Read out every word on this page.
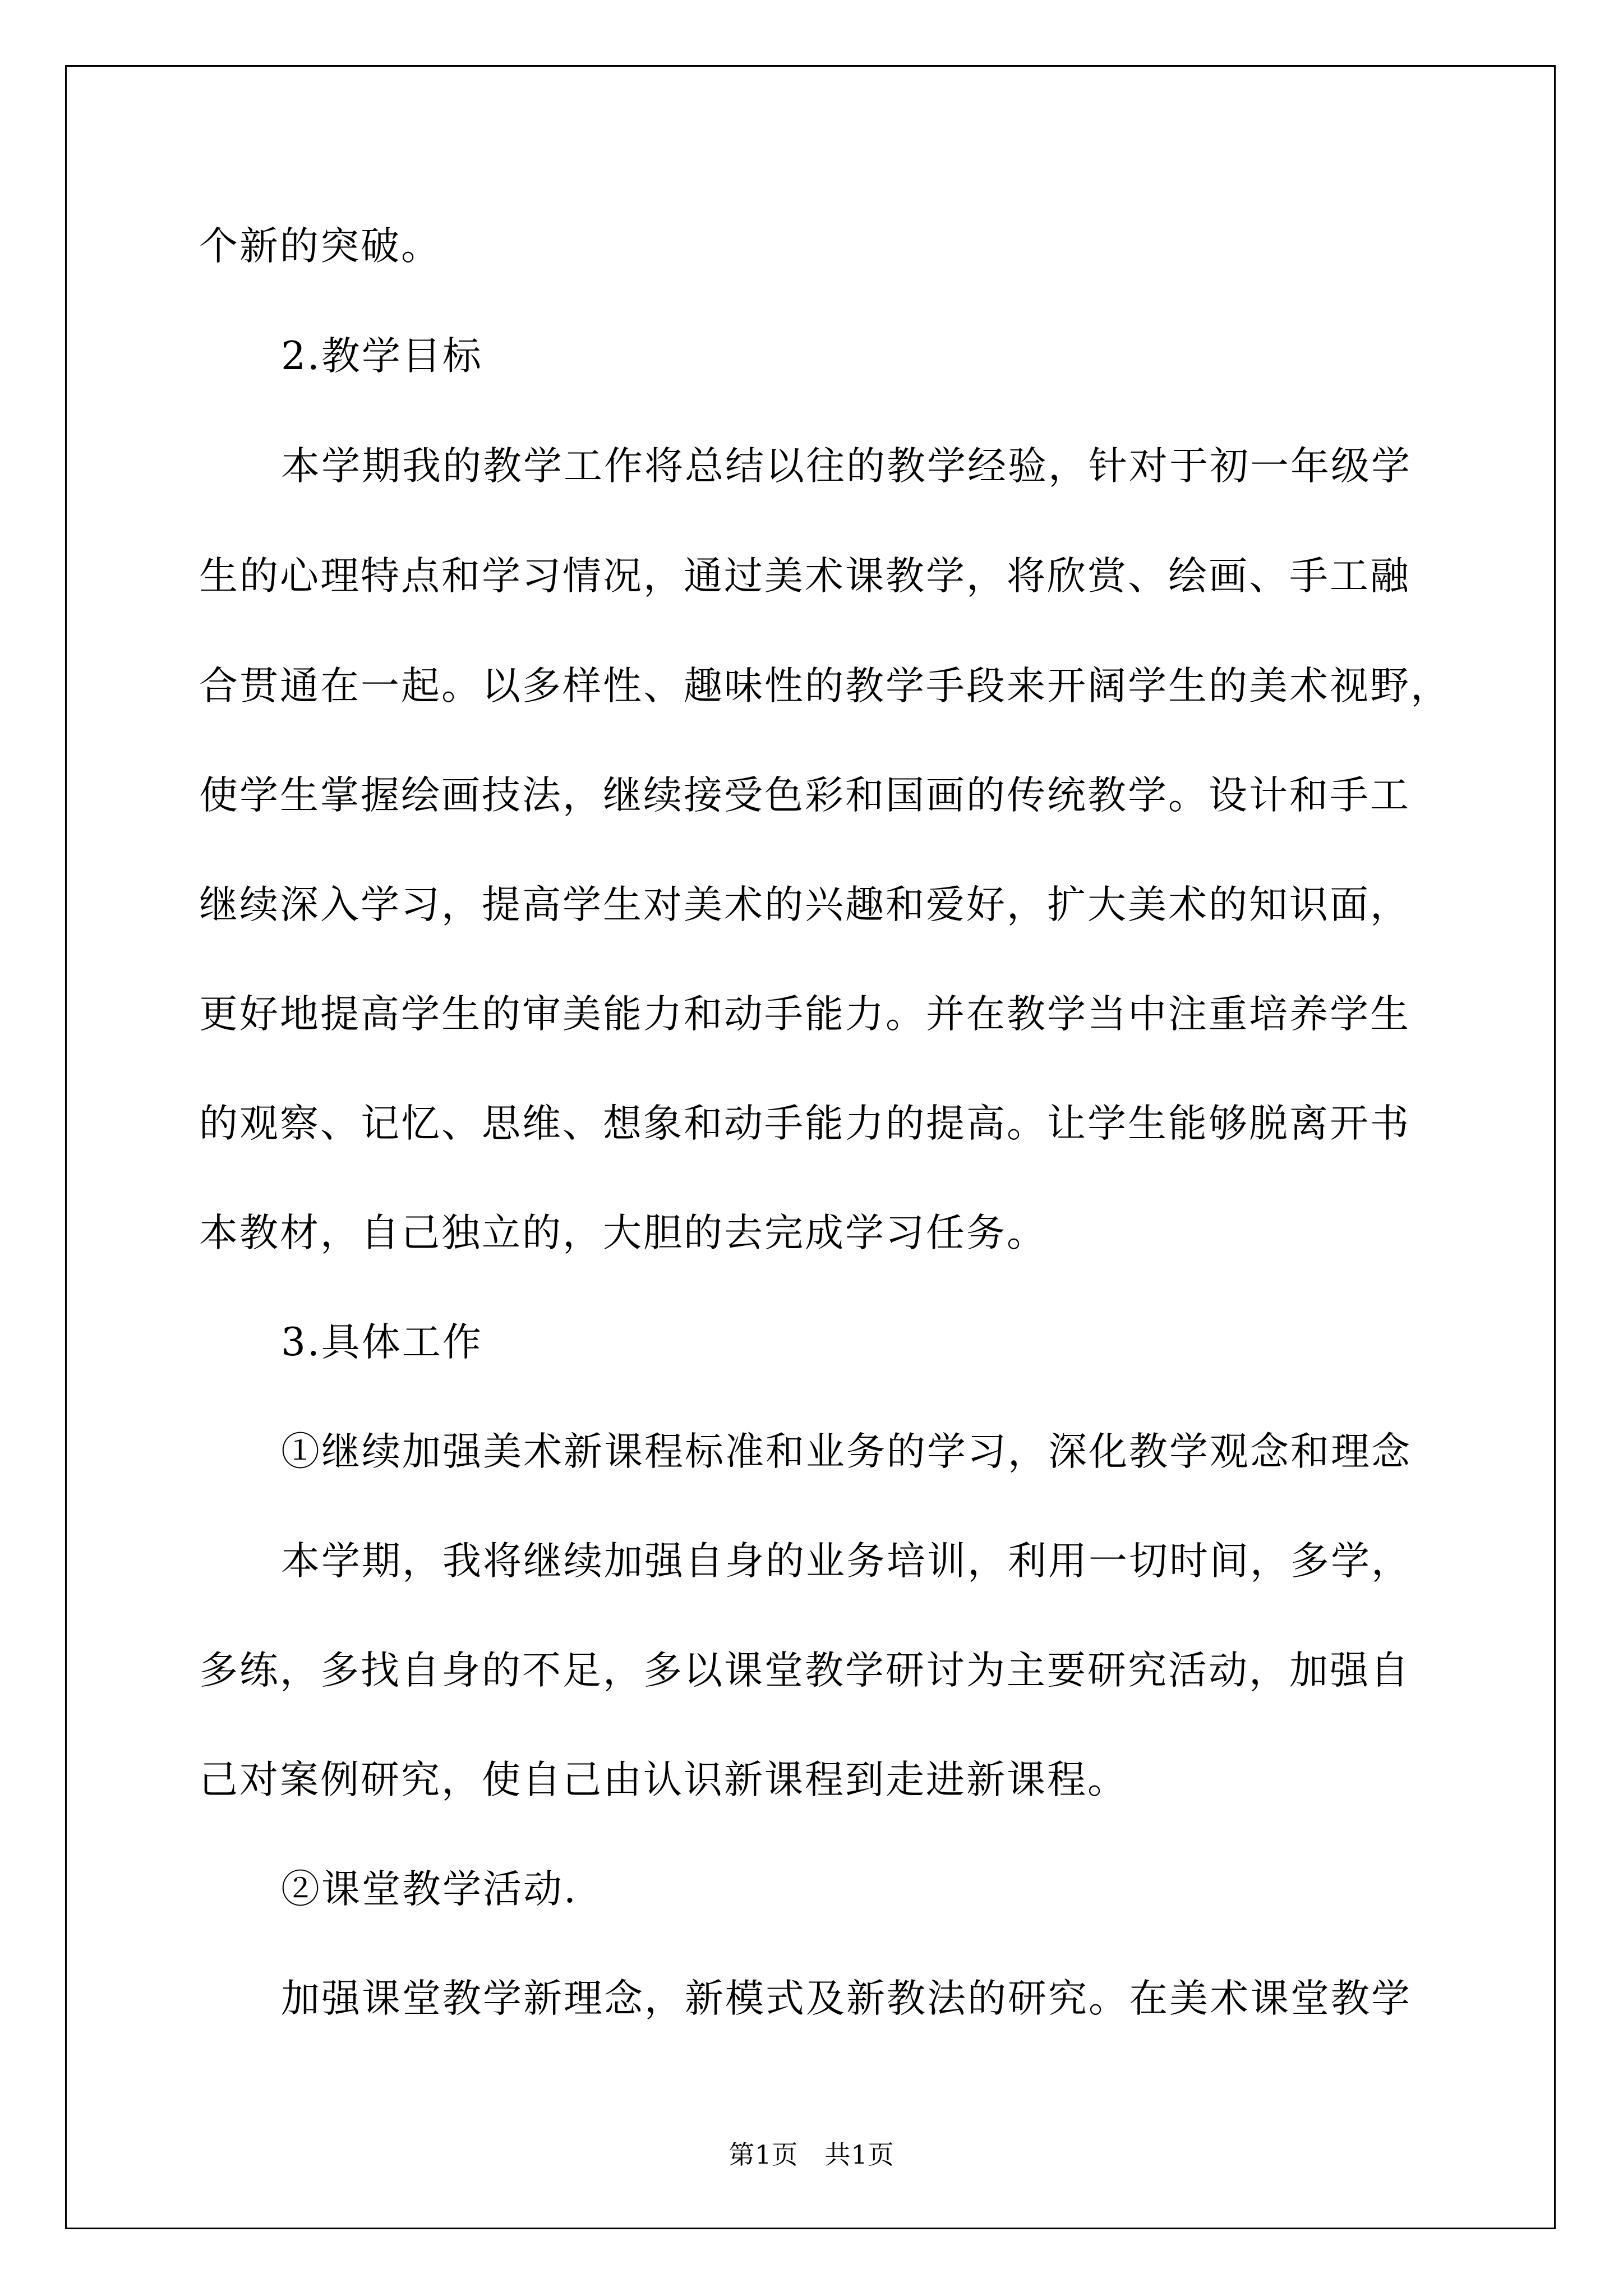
个新的突破。
2.教学目标
本学期我的教学工作将总结以往的教学经验，针对于初一年级学
生的心理特点和学习情况，通过美术课教学，将欣赏、绘画、手工融
合贯通在一起。以多样性、趣味性的教学手段来开阔学生的美术视野，
使学生掌握绘画技法，继续接受色彩和国画的传统教学。设计和手工
继续深入学习，提高学生对美术的兴趣和爱好，扩大美术的知识面，
更好地提高学生的审美能力和动手能力。并在教学当中注重培养学生
的观察、记忆、思维、想象和动手能力的提高。让学生能够脱离开书
本教材，自己独立的，大胆的去完成学习任务。
3.具体工作
①继续加强美术新课程标准和业务的学习，深化教学观念和理念
本学期，我将继续加强自身的业务培训，利用一切时间，多学，
多练，多找自身的不足，多以课堂教学研讨为主要研究活动，加强自
己对案例研究，使自己由认识新课程到走进新课程。
②课堂教学活动.
加强课堂教学新理念，新模式及新教法的研究。在美术课堂教学
第1页　共1页
